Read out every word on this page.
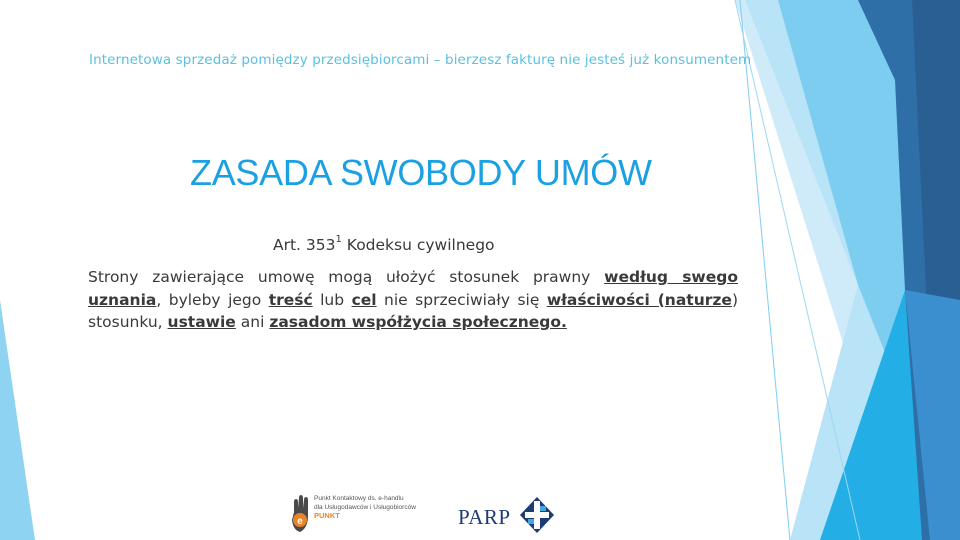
Internetowa sprzedaż pomiędzy przedsiębiorcami – bierzesz fakturę nie jesteś już konsumentem
ZASADA SWOBODY UMÓW
Art. $353^1$ Kodeksu cywilnego
Strony zawierające umowę mogą ułożyć stosunek prawny według swego uznania, byleby jego treść lub cel nie sprzeciwiały się właściwości (naturze) stosunku, ustawie ani zasadom współżycia społecznego.
e
Punkt Kontaktowy ds. e-handlu
dla Usługodawców i Usługobiorców
PUNKT	PARP
